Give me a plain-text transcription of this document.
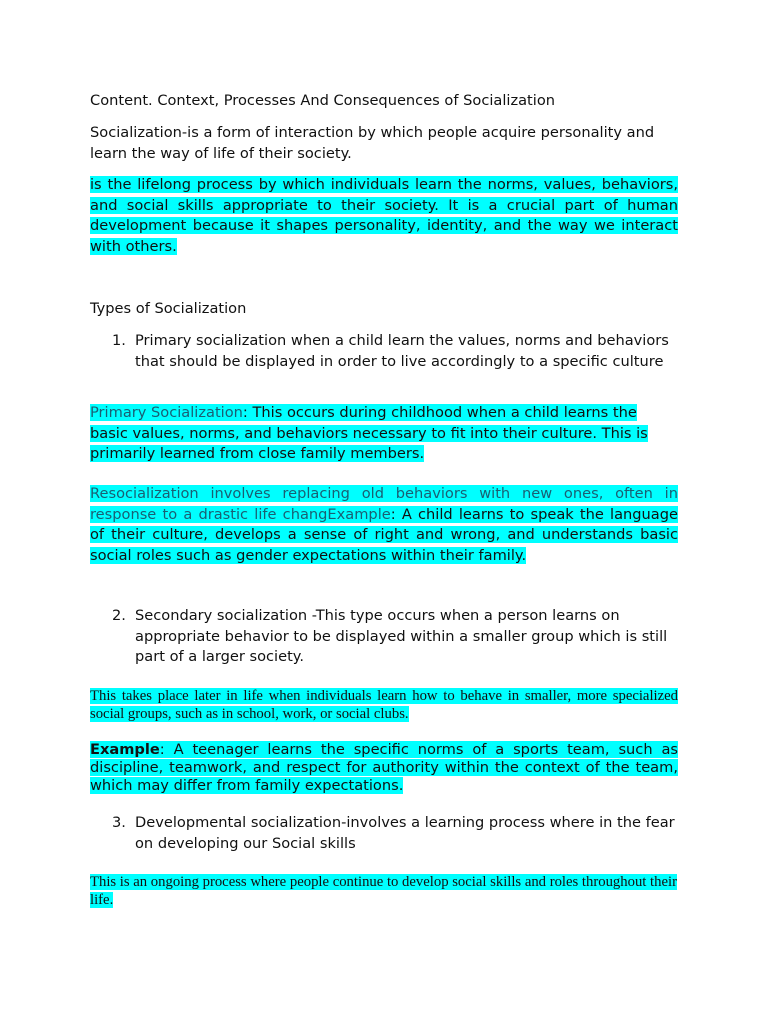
Content. Context, Processes And Consequences of Socialization

Socialization-is a form of interaction by which people acquire personality and learn the way of life of their society.

is the lifelong process by which individuals learn the norms, values, behaviors, and social skills appropriate to their society. It is a crucial part of human development because it shapes personality, identity, and the way we interact with others.

Types of Socialization

1. Primary socialization when a child learn the values, norms and behaviors that should be displayed in order to live accordingly to a specific culture

Primary Socialization: This occurs during childhood when a child learns the basic values, norms, and behaviors necessary to fit into their culture. This is primarily learned from close family members.

Resocialization involves replacing old behaviors with new ones, often in response to a drastic life changExample: A child learns to speak the language of their culture, develops a sense of right and wrong, and understands basic social roles such as gender expectations within their family.

2. Secondary socialization -This type occurs when a person learns on appropriate behavior to be displayed within a smaller group which is still part of a larger society.

This takes place later in life when individuals learn how to behave in smaller, more specialized social groups, such as in school, work, or social clubs.

Example: A teenager learns the specific norms of a sports team, such as discipline, teamwork, and respect for authority within the context of the team, which may differ from family expectations.

3. Developmental socialization-involves a learning process where in the fear on developing our Social skills

This is an ongoing process where people continue to develop social skills and roles throughout their life.
